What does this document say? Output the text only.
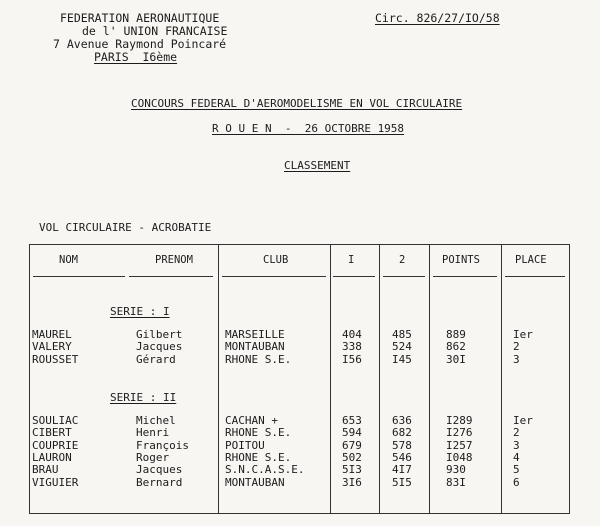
FEDERATION AERONAUTIQUE
de l' UNION FRANCAISE
7 Avenue Raymond Poincaré
PARIS  I6ème
Circ. 826/27/IO/58
CONCOURS FEDERAL D'AEROMODELISME EN VOL CIRCULAIRE
R O U E N  -  26 OCTOBRE 1958
CLASSEMENT
VOL CIRCULAIRE - ACROBATIE
NOM	PRENOM	CLUB	I	2	POINTS	PLACE
SERIE : I
MAUREL	Gilbert	MARSEILLE	404	485	889	Ier
VALERY	Jacques	MONTAUBAN	338	524	862	2
ROUSSET	Gérard	RHONE S.E.	I56	I45	30I	3
SERIE : II
SOULIAC	Michel	CACHAN +	653	636	I289	Ier
CIBERT	Henri	RHONE S.E.	594	682	I276	2
COUPRIE	François	POITOU	679	578	I257	3
LAURON	Roger	RHONE S.E.	502	546	I048	4
BRAU	Jacques	S.N.C.A.S.E.	5I3	4I7	930	5
VIGUIER	Bernard	MONTAUBAN	3I6	5I5	83I	6
